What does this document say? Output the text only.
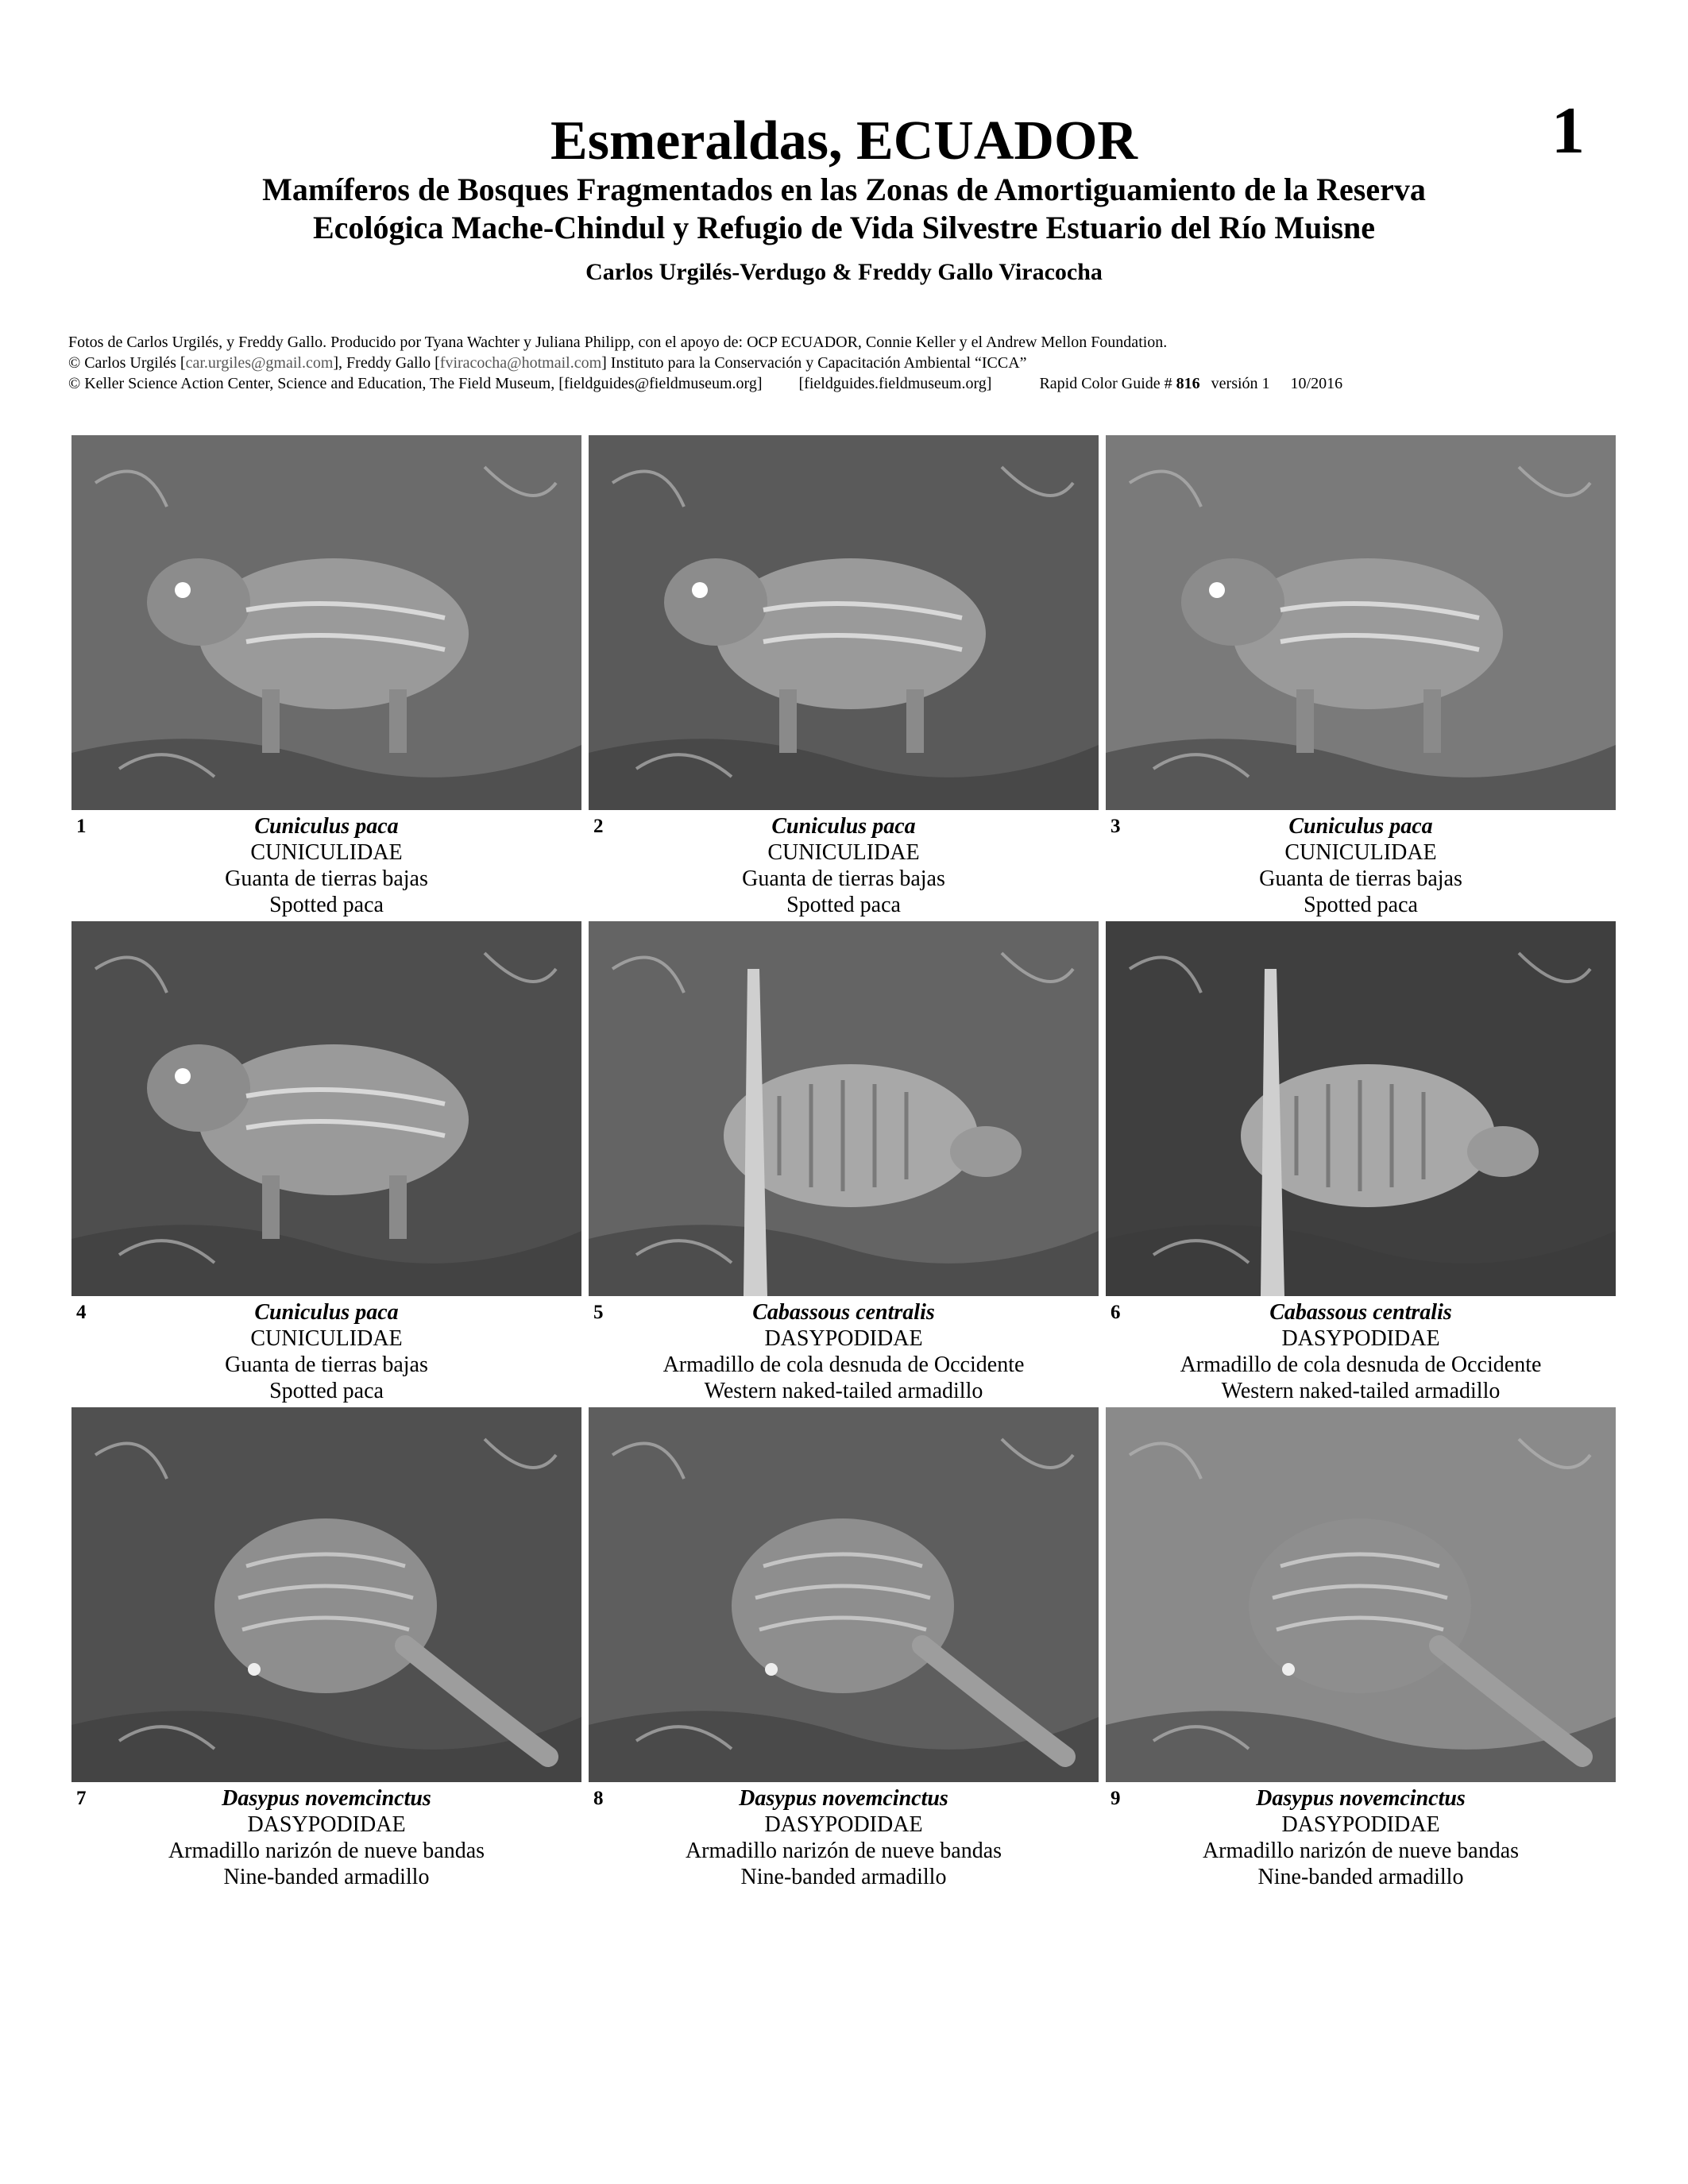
Esmeraldas, ECUADOR	1
Mamíferos de Bosques Fragmentados en las Zonas de Amortiguamiento de la Reserva
Ecológica Mache-Chindul y Refugio de Vida Silvestre Estuario del Río Muisne
Carlos Urgilés-Verdugo & Freddy Gallo Viracocha
Fotos de Carlos Urgilés, y Freddy Gallo. Producido por Tyana Wachter y Juliana Philipp, con el apoyo de: OCP ECUADOR, Connie Keller y el Andrew Mellon Foundation.
© Carlos Urgilés [car.urgiles@gmail.com], Freddy Gallo [fviracocha@hotmail.com] Instituto para la Conservación y Capacitación Ambiental “ICCA”
© Keller Science Action Center, Science and Education, The Field Museum, [fieldguides@fieldmuseum.org] [fieldguides.fieldmuseum.org]	Rapid Color Guide # 816 versión 1 10/2016
1	Cuniculus paca
CUNICULIDAE
Guanta de tierras bajas
Spotted paca
2	Cuniculus paca
CUNICULIDAE
Guanta de tierras bajas
Spotted paca
3	Cuniculus paca
CUNICULIDAE
Guanta de tierras bajas
Spotted paca
4	Cuniculus paca
CUNICULIDAE
Guanta de tierras bajas
Spotted paca
5	Cabassous centralis
DASYPODIDAE
Armadillo de cola desnuda de Occidente
Western naked-tailed armadillo
6	Cabassous centralis
DASYPODIDAE
Armadillo de cola desnuda de Occidente
Western naked-tailed armadillo
7	Dasypus novemcinctus
DASYPODIDAE
Armadillo narizón de nueve bandas
Nine-banded armadillo
8	Dasypus novemcinctus
DASYPODIDAE
Armadillo narizón de nueve bandas
Nine-banded armadillo
9	Dasypus novemcinctus
DASYPODIDAE
Armadillo narizón de nueve bandas
Nine-banded armadillo
